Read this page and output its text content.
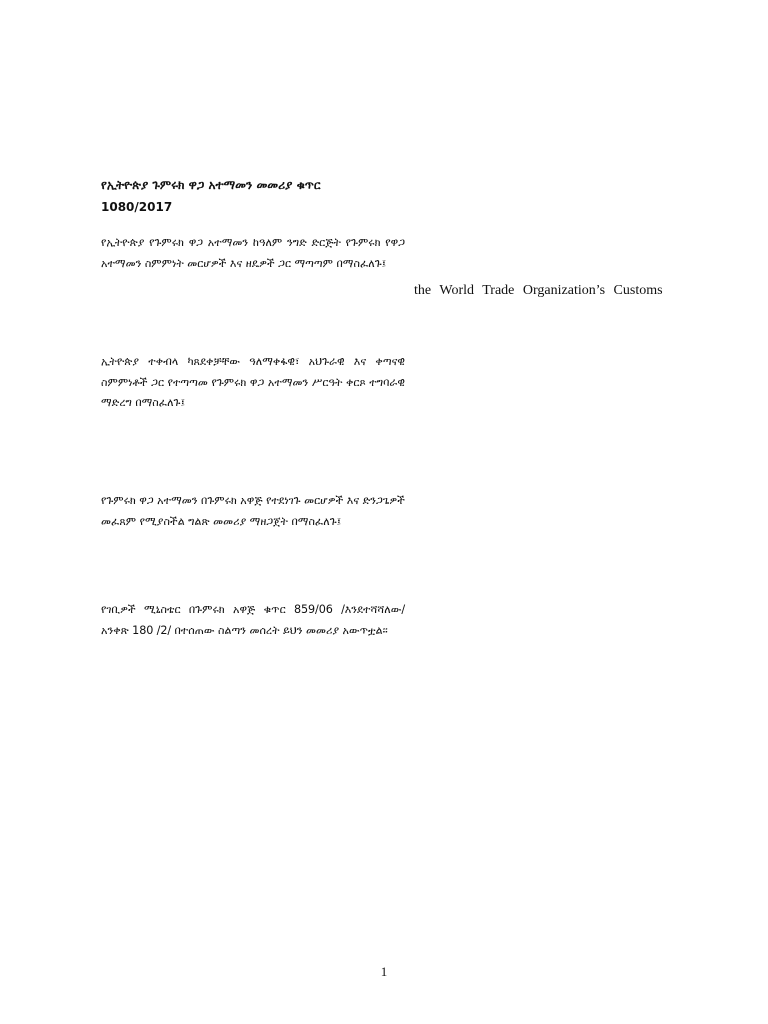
የኢትዮጵያ ጉምሩክ ዋጋ አተማመን መመሪያ ቁጥር
1080/2017

የኢትዮጵያ የጉምሩክ ዋጋ አተማመን ከዓለም ንግድ ድርጅት የጉምሩክ የዋጋ አተማመን ስምምነት መርሆዎች እና ዘዴዎች ጋር ማጣጣም በማስፈለጉ፤

the World Trade Organization’s Customs

ኢትዮጵያ ተቀብላ ካጸደቀቻቸው ዓለማቀፋዊ፣ አህጉራዊ እና ቀጣናዊ ስምምነቶች ጋር የተጣጣመ የጉምሩክ ዋጋ አተማመን ሥርዓት ቀርጾ ተግባራዊ ማድረግ በማስፈለጉ፤

የጉምሩክ ዋጋ አተማመን በጉምሩክ አዋጅ የተደነገጉ መርሆዎች እና ድንጋጌዎች መፈጸም የሚያስችል ግልጽ መመሪያ ማዘጋጀት በማስፈለጉ፤

የገቢዎች ሚኒስቴር በጉምሩክ አዋጅ ቁጥር 859/06 /እንደተሻሻለው/ አንቀጽ 180 /2/ በተሰጠው ስልጣን መሰረት ይህን መመሪያ አውጥቷል፡፡

1
